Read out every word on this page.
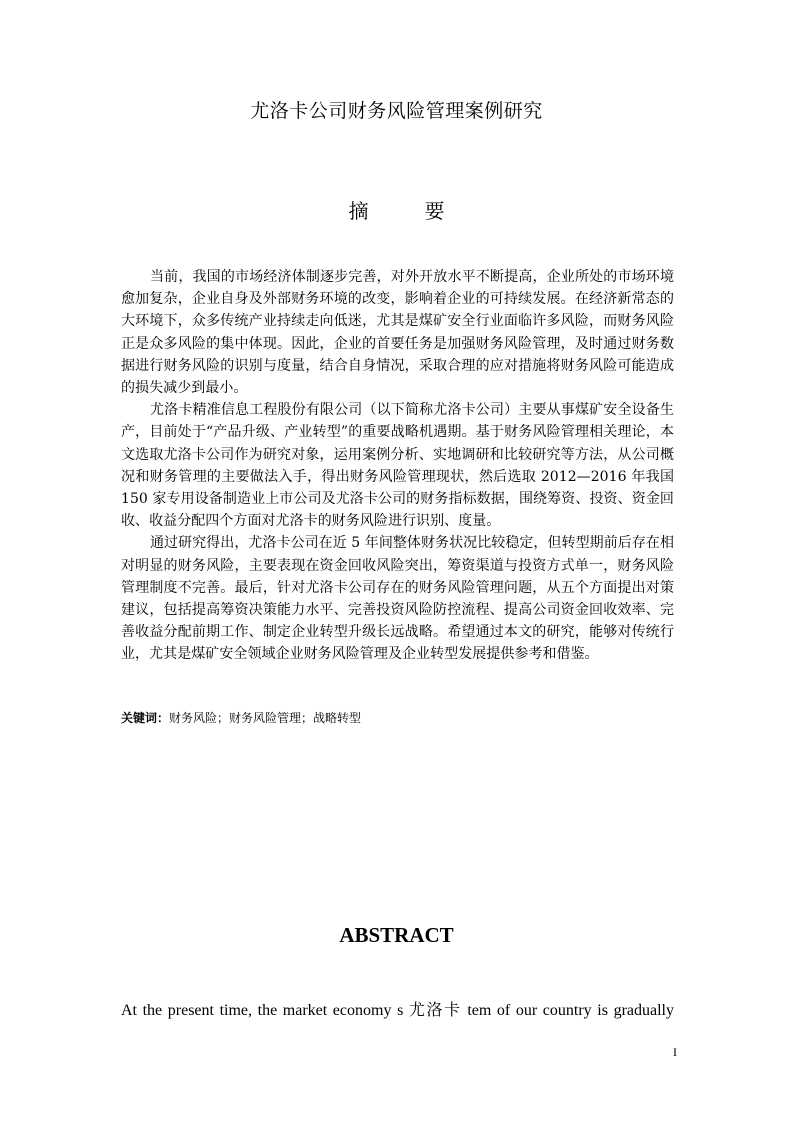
尤洛卡公司财务风险管理案例研究
摘　要

当前，我国的市场经济体制逐步完善，对外开放水平不断提高，企业所处的市场环境愈加复杂，企业自身及外部财务环境的改变，影响着企业的可持续发展。在经济新常态的大环境下，众多传统产业持续走向低迷，尤其是煤矿安全行业面临许多风险，而财务风险正是众多风险的集中体现。因此，企业的首要任务是加强财务风险管理，及时通过财务数据进行财务风险的识别与度量，结合自身情况，采取合理的应对措施将财务风险可能造成的损失减少到最小。

尤洛卡精准信息工程股份有限公司（以下简称尤洛卡公司）主要从事煤矿安全设备生产，目前处于“产品升级、产业转型”的重要战略机遇期。基于财务风险管理相关理论，本文选取尤洛卡公司作为研究对象，运用案例分析、实地调研和比较研究等方法，从公司概况和财务管理的主要做法入手，得出财务风险管理现状，然后选取 2012—2016 年我国 150 家专用设备制造业上市公司及尤洛卡公司的财务指标数据，围绕筹资、投资、资金回收、收益分配四个方面对尤洛卡的财务风险进行识别、度量。

通过研究得出，尤洛卡公司在近 5 年间整体财务状况比较稳定，但转型期前后存在相对明显的财务风险，主要表现在资金回收风险突出，筹资渠道与投资方式单一，财务风险管理制度不完善。最后，针对尤洛卡公司存在的财务风险管理问题，从五个方面提出对策建议，包括提高筹资决策能力水平、完善投资风险防控流程、提高公司资金回收效率、完善收益分配前期工作、制定企业转型升级长远战略。希望通过本文的研究，能够对传统行业，尤其是煤矿安全领域企业财务风险管理及企业转型发展提供参考和借鉴。

关键词：财务风险；财务风险管理；战略转型

ABSTRACT

At the present time, the market economy s 尤洛卡 tem of our country is gradually

I
